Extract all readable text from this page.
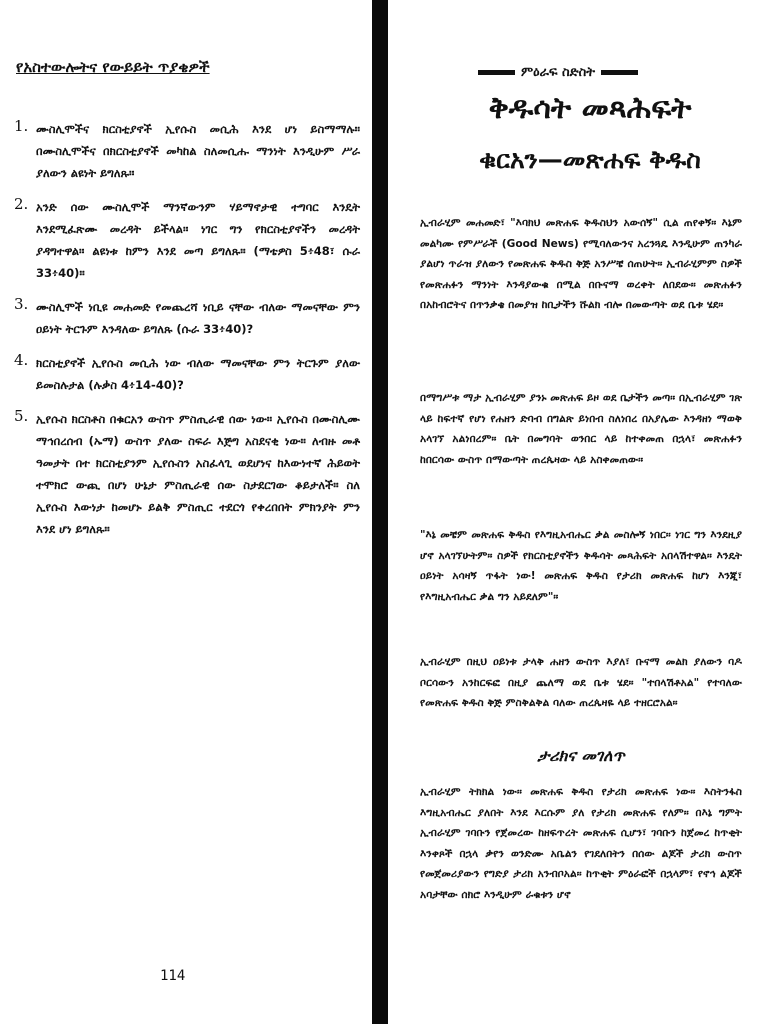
የአስተውሎትና የውይይት ጥያቄዎች
1. ሙስሊሞችና ክርስቲያኖች ኢየሱስ መሲሕ እንደ ሆነ ይስማማሉ። በሙስሊሞችና በክርስቲያኖች መካከል ስለመሲሑ ማንነት እንዲሁም ሥራ ያለውን ልዩነት ይግለጹ።
2. አንድ ሰው ሙስሊሞች ማንኛውንም ሃይማኖታዊ ተግባር እንዴት እንደሚፈጽሙ መረዳት ይችላል። ነገር ግን የክርስቲያኖችን መረዳት ያዳግተዋል። ልዩነቱ ከምን እንደ መጣ ይግለጹ። (ማቴዎስ 5፥48፣ ሱራ 33፥40)።
3. ሙስሊሞች ነቢዩ መሐመድ የመጨረሻ ነቢይ ናቸው ብለው ማመናቸው ምን ዐይነት ትርጉም እንዳለው ይግለጹ (ሱራ 33፥40)?
4. ክርስቲያኖች ኢየሱስ መሲሕ ነው ብለው ማመናቸው ምን ትርጉም ያለው ይመስሉታል (ሉቃስ 4፥14-40)?
5. ኢየሱስ ክርስቶስ በቁርአን ውስጥ ምስጢራዊ ሰው ነው። ኢየሱስ በሙስሊሙ ማኅበረሰብ (ኡማ) ውስጥ ያለው ስፍራ እጅግ አስደናቂ ነው። ለብዙ መቶ ዓመታት በተ ክርስቲያንም ኢየሱስን አስፈላጊ ወደሆነና ከእውነተኛ ሕይወት ተሞክሮ ውጪ በሆነ ሁኔታ ምስጢራዊ ሰው ስታደርገው ቆይታለች። ስለ ኢየሱስ እውነታ ከመሆኑ ይልቅ ምስጢር ተደርጎ የቀረበበት ምክንያት ምን እንደ ሆነ ይግለጹ።
114
ምዕራፍ ስድስት
ቅዱሳት መጻሕፍት
ቁርአን—መጽሐፍ ቅዱስ

ኢብራሂም መሐመድ፣ "እባክህ መጽሐፍ ቅዱስህን አውሰኝ" ሲል ጠየቀኝ። እኔም መልካሙ የምሥራች (Good News) የሚባለውንና አረንጓዴ እንዲሁም ጠንካራ ያልሆነ ጥራዝ ያለውን የመጽሐፍ ቅዱስ ቅጅ አንሥቼ ሰጠሁት። ኢብራሂምም ስዎች የመጽሐፉን ማንነት እንዳያውቁ በሚል በቡናማ ወረቀት ለበደው። መጽሐፉን በአከብሮትና በጥንቃቄ በመያዝ ከቢታችን ሹልክ ብሎ በመውጣት ወደ ቤቱ ሄደ።

በማግሥቱ ማታ ኢብራሂም ያንኑ መጽሐፍ ይዞ ወደ ቤታችን መጣ። በኢብራሂም ገጽ ላይ ከፍተኛ የሆነ የሐዘን ድባብ በግልጽ ይነበብ ስለነበረ በአያሌው እንዳዘነ ማወቅ አላገኘ አልነበረም። ቤት በመግባት ወንበር ላይ ከተቀመጠ በኋላ፣ መጽሐፉን ከበርሳው ውስጥ በማውጣት ጠረጴዛው ላይ አስቀመጠው።

"እኔ መቼም መጽሐፍ ቅዱስ የእግዚአብሔር ቃል መስሎኝ ነበር። ነገር ግን እንደዚያ ሆኖ አላገኘሁትም። ስዎች የክርስቲያኖችን ቅዱሳት መጻሕፍት አበላሽተዋል። እንዴት ዐይነት አሳዛኝ ጥፋት ነው! መጽሐፍ ቅዱስ የታሪክ መጽሐፍ ከሆነ እንጂ፣ የእግዚአብሔር ቃል ግን አይደለም"።

ኢብራሂም በዚህ ዐይነቱ ታላቅ ሐዘን ውስጥ እያለ፣ ቡናማ መልክ ያለውን ባዶ ቦርሳውን አንከርፍፎ በዚያ ጨለማ ወደ ቤቱ ሄደ። "ተበላሽቶአል" የተባለው የመጽሐፍ ቅዱስ ቅጅ ምስቅልቅል ባለው ጠረጴዛዬ ላይ ተዘርሮአል።

ታሪክና መገለጥ

ኢብራሂም ትክክል ነው። መጽሐፍ ቅዱስ የታሪክ መጽሐፍ ነው። እስትንፋስ እግዚአብሔር ያለበት እንደ እርሱም ያለ የታሪክ መጽሐፍ የለም። በእኔ ግምት ኢብራሂም ገባቡን የጀመረው ከዘፍጥረት መጽሐፍ ሲሆን፣ ገባቡን ከጀመረ ከጥቂት እንቀጾች በኋላ ቃየን ወንድሙ አቤልን የገደለበትን በሰው ልጆች ታሪክ ውስጥ የመጀመሪያውን የግድያ ታሪክ አንብቦአል። ከጥቂት ምዕራፎች በኋላም፣ የኖኅ ልጆች አባታቸው ሰክሮ እንዲሁም ራቁቱን ሆኖ
